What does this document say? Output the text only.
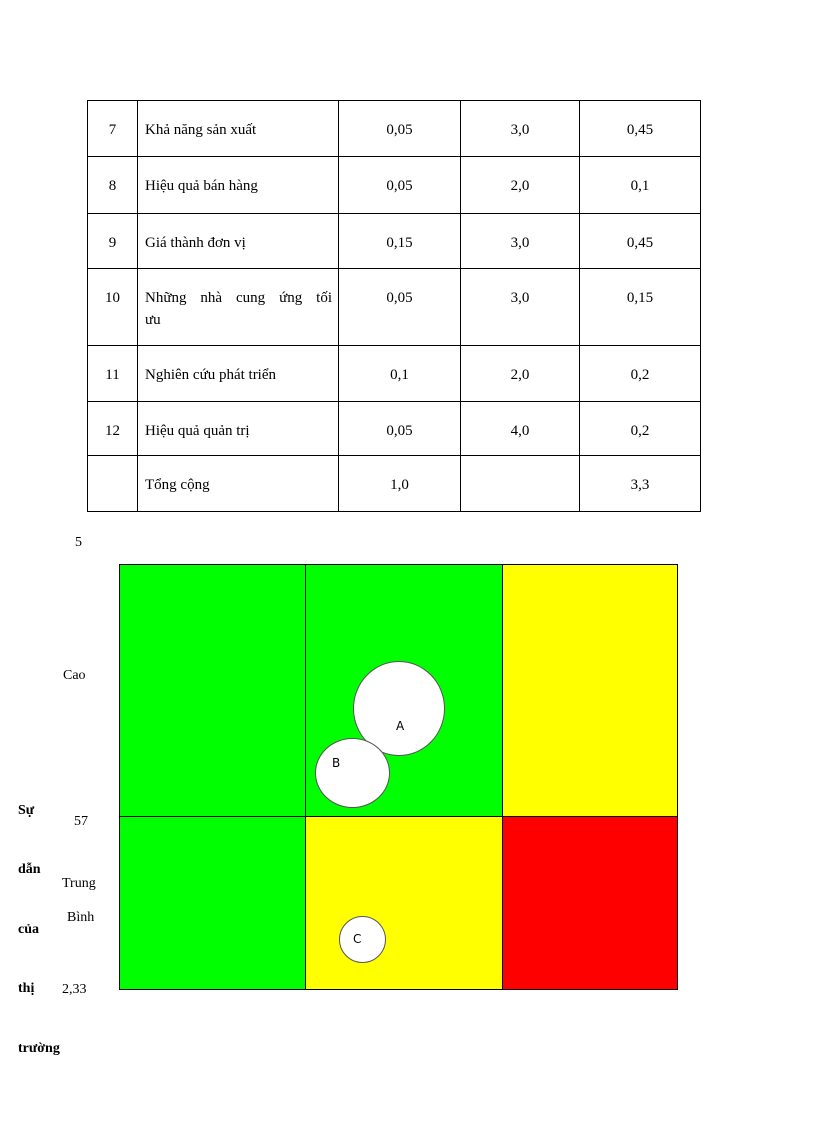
7	Khả năng sản xuất	0,05	3,0	0,45

8	Hiệu quả bán hàng	0,05	2,0	0,1

9	Giá thành đơn vị	0,15	3,0	0,45

10	Những nhà cung ứng tối
ưu	0,05	3,0	0,15

11	Nghiên cứu phát triển	0,1	2,0	0,2

12	Hiệu quả quản trị	0,05	4,0	0,2

	Tổng cộng	1,0		3,3
5
Cao
57
Trung
Bình
2,33
Sự
dẫn
của
thị
trường
A
B
C
